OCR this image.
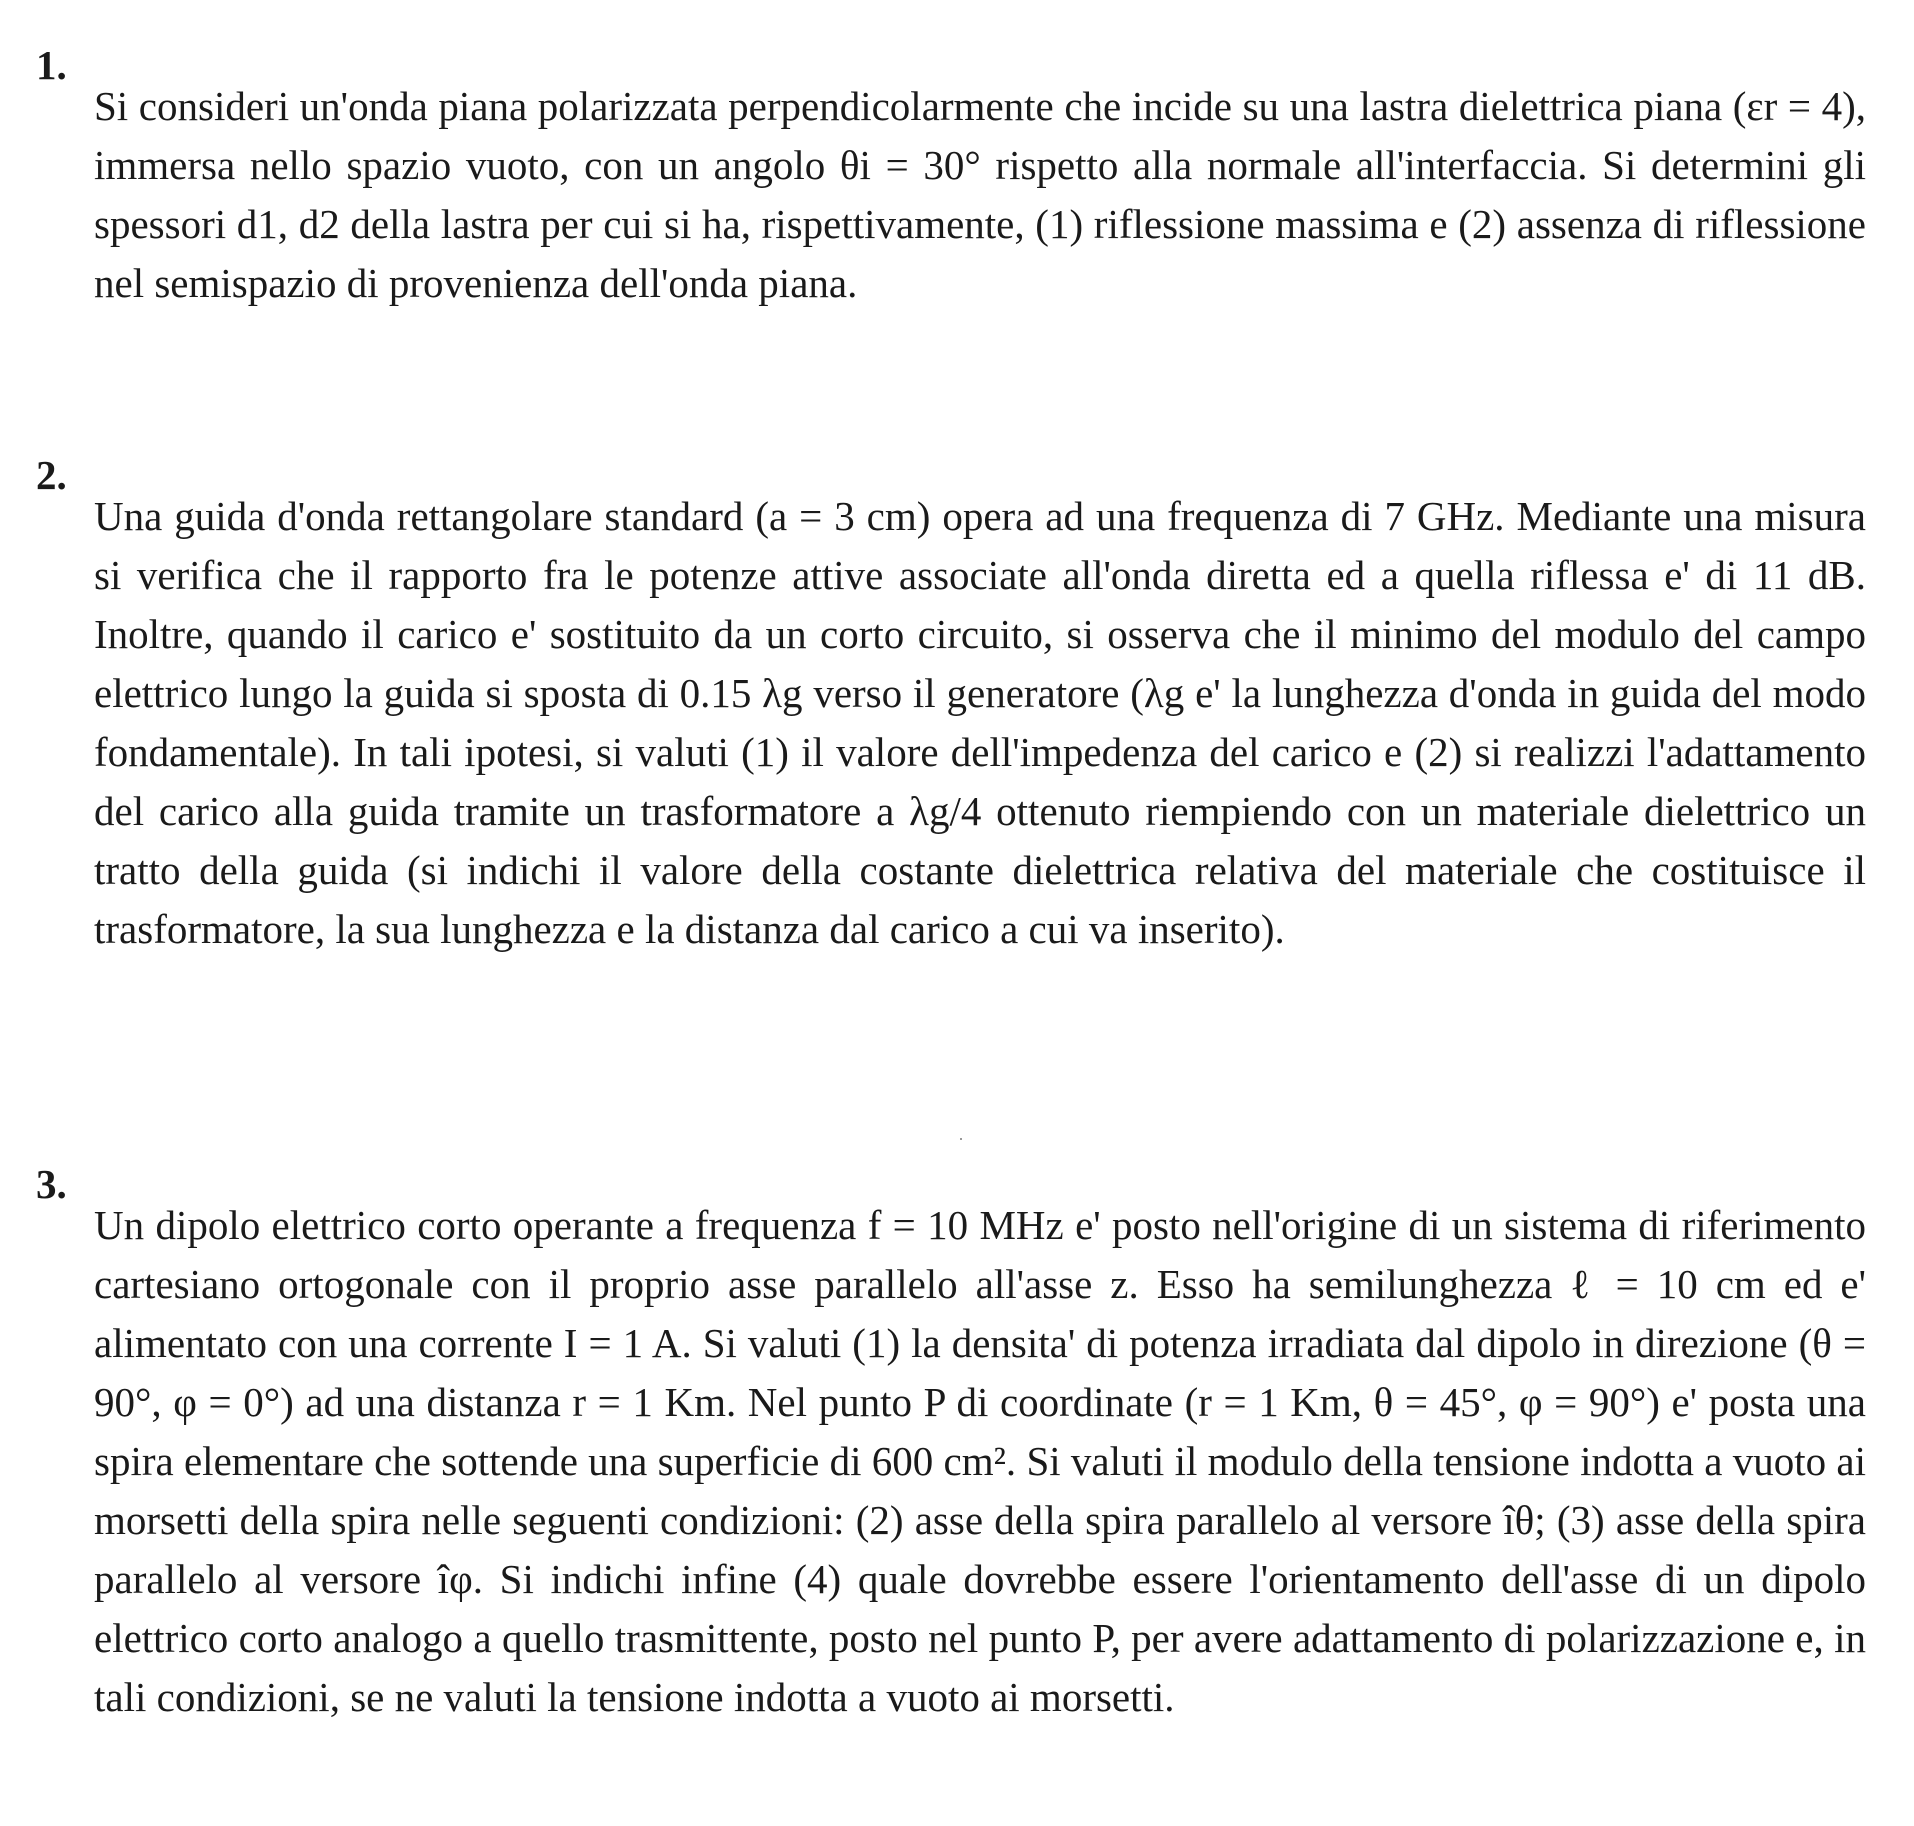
1.

Si consideri un'onda piana polarizzata perpendicolarmente che incide su una lastra dielettrica piana (εr = 4), immersa nello spazio vuoto, con un angolo θi = 30° rispetto alla normale all'interfaccia. Si determini gli spessori d1, d2 della lastra per cui si ha, rispettivamente, (1) riflessione massima e (2) assenza di riflessione nel semispazio di provenienza dell'onda piana.

2.

Una guida d'onda rettangolare standard (a = 3 cm) opera ad una frequenza di 7 GHz. Mediante una misura si verifica che il rapporto fra le potenze attive associate all'onda diretta ed a quella riflessa e' di 11 dB. Inoltre, quando il carico e' sostituito da un corto circuito, si osserva che il minimo del modulo del campo elettrico lungo la guida si sposta di 0.15 λg verso il generatore (λg e' la lunghezza d'onda in guida del modo fondamentale). In tali ipotesi, si valuti (1) il valore dell'impedenza del carico e (2) si realizzi l'adattamento del carico alla guida tramite un trasformatore a λg/4 ottenuto riempiendo con un materiale dielettrico un tratto della guida (si indichi il valore della costante dielettrica relativa del materiale che costituisce il trasformatore, la sua lunghezza e la distanza dal carico a cui va inserito).

3.

Un dipolo elettrico corto operante a frequenza f = 10 MHz e' posto nell'origine di un sistema di riferimento cartesiano ortogonale con il proprio asse parallelo all'asse z. Esso ha semilunghezza ℓ = 10 cm ed e' alimentato con una corrente I = 1 A. Si valuti (1) la densita' di potenza irradiata dal dipolo in direzione (θ = 90°, φ = 0°) ad una distanza r = 1 Km. Nel punto P di coordinate (r = 1 Km, θ = 45°, φ = 90°) e' posta una spira elementare che sottende una superficie di 600 cm². Si valuti il modulo della tensione indotta a vuoto ai morsetti della spira nelle seguenti condizioni: (2) asse della spira parallelo al versore îθ; (3) asse della spira parallelo al versore îφ. Si indichi infine (4) quale dovrebbe essere l'orientamento dell'asse di un dipolo elettrico corto analogo a quello trasmittente, posto nel punto P, per avere adattamento di polarizzazione e, in tali condizioni, se ne valuti la tensione indotta a vuoto ai morsetti.
